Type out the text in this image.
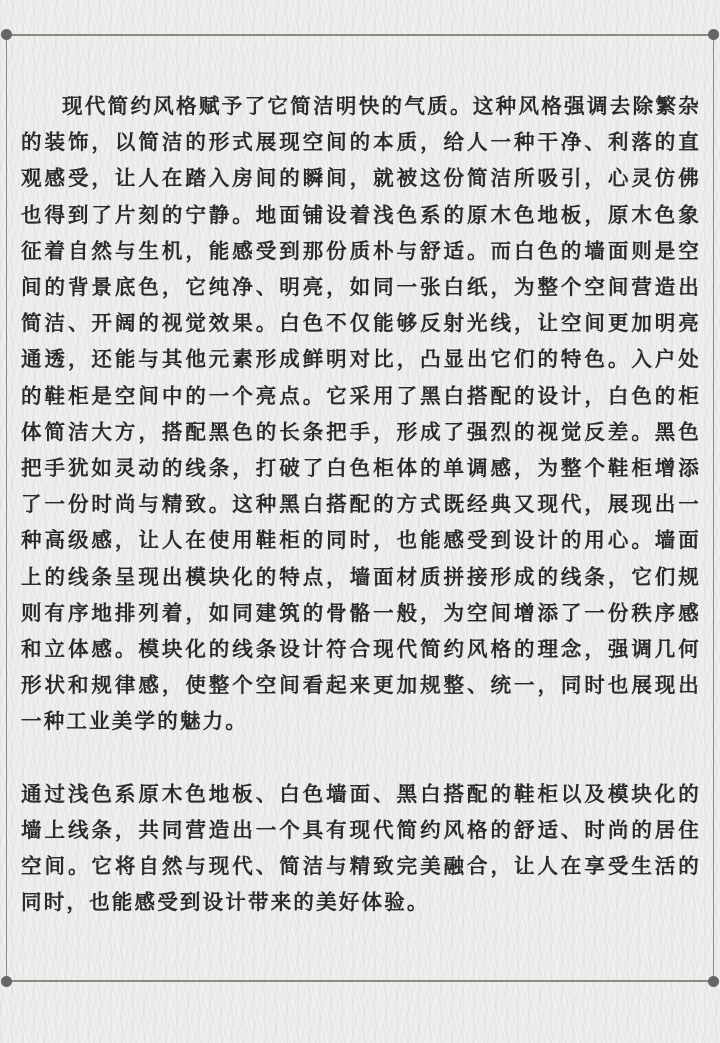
现代简约风格赋予了它简洁明快的气质。这种风格强调去除繁杂的装饰，以简洁的形式展现空间的本质，给人一种干净、利落的直观感受，让人在踏入房间的瞬间，就被这份简洁所吸引，心灵仿佛也得到了片刻的宁静。地面铺设着浅色系的原木色地板，原木色象征着自然与生机，能感受到那份质朴与舒适。而白色的墙面则是空间的背景底色，它纯净、明亮，如同一张白纸，为整个空间营造出简洁、开阔的视觉效果。白色不仅能够反射光线，让空间更加明亮通透，还能与其他元素形成鲜明对比，凸显出它们的特色。入户处的鞋柜是空间中的一个亮点。它采用了黑白搭配的设计，白色的柜体简洁大方，搭配黑色的长条把手，形成了强烈的视觉反差。黑色把手犹如灵动的线条，打破了白色柜体的单调感，为整个鞋柜增添了一份时尚与精致。这种黑白搭配的方式既经典又现代，展现出一种高级感，让人在使用鞋柜的同时，也能感受到设计的用心。墙面上的线条呈现出模块化的特点，墙面材质拼接形成的线条，它们规则有序地排列着，如同建筑的骨骼一般，为空间增添了一份秩序感和立体感。模块化的线条设计符合现代简约风格的理念，强调几何形状和规律感，使整个空间看起来更加规整、统一，同时也展现出一种工业美学的魅力。

通过浅色系原木色地板、白色墙面、黑白搭配的鞋柜以及模块化的墙上线条，共同营造出一个具有现代简约风格的舒适、时尚的居住空间。它将自然与现代、简洁与精致完美融合，让人在享受生活的同时，也能感受到设计带来的美好体验。
